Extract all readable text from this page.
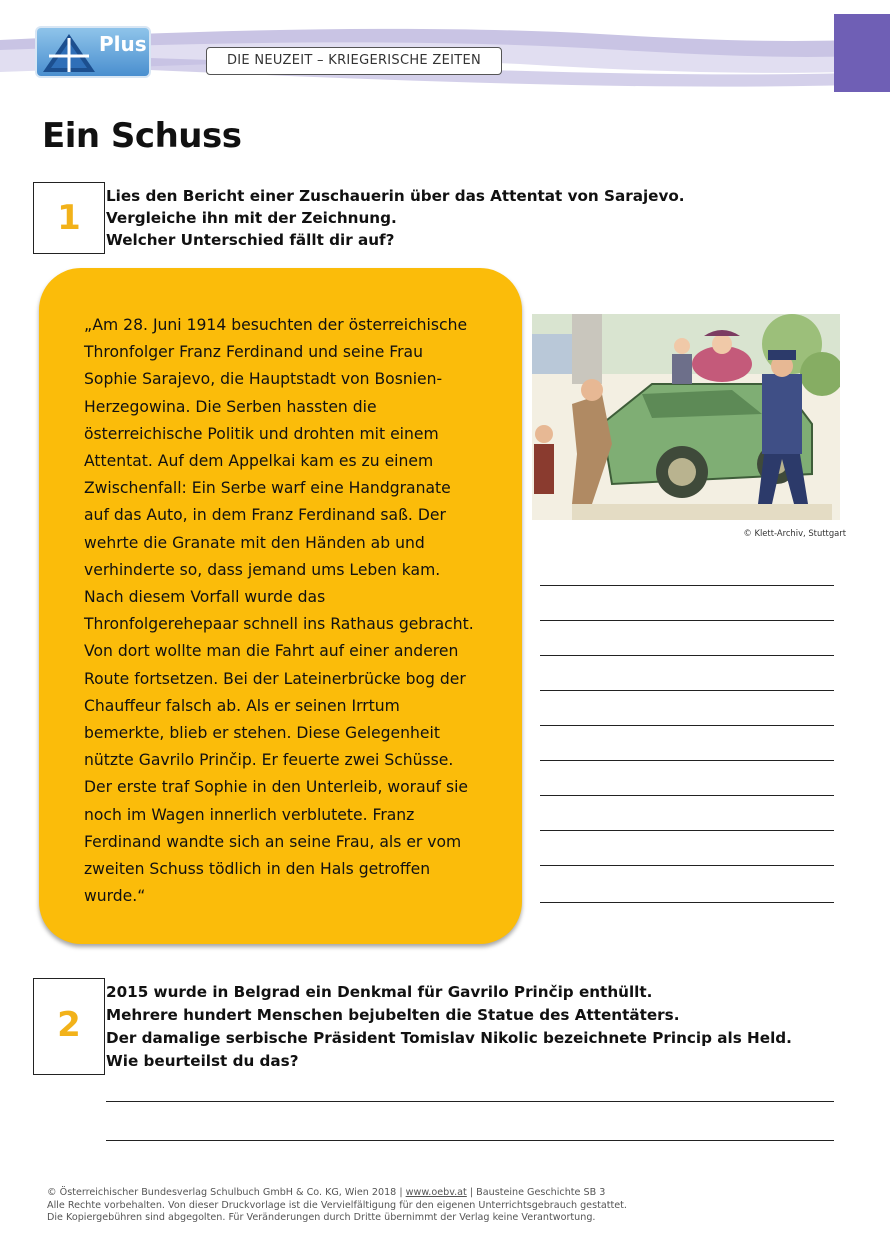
Plus
DIE NEUZEIT – KRIEGERISCHE ZEITEN
Ein Schuss
1
Lies den Bericht einer Zuschauerin über das Attentat von Sarajevo.
Vergleiche ihn mit der Zeichnung.
Welcher Unterschied fällt dir auf?
„Am 28. Juni 1914 besuchten der österreichische
Thronfolger Franz Ferdinand und seine Frau
Sophie Sarajevo, die Hauptstadt von Bosnien-
Herzegowina. Die Serben hassten die
österreichische Politik und drohten mit einem
Attentat. Auf dem Appelkai kam es zu einem
Zwischenfall: Ein Serbe warf eine Handgranate
auf das Auto, in dem Franz Ferdinand saß. Der
wehrte die Granate mit den Händen ab und
verhinderte so, dass jemand ums Leben kam.
Nach diesem Vorfall wurde das
Thronfolgerehepaar schnell ins Rathaus gebracht.
Von dort wollte man die Fahrt auf einer anderen
Route fortsetzen. Bei der Lateinerbrücke bog der
Chauffeur falsch ab. Als er seinen Irrtum
bemerkte, blieb er stehen. Diese Gelegenheit
nützte Gavrilo Prinčip. Er feuerte zwei Schüsse.
Der erste traf Sophie in den Unterleib, worauf sie
noch im Wagen innerlich verblutete. Franz
Ferdinand wandte sich an seine Frau, als er vom
zweiten Schuss tödlich in den Hals getroffen
wurde.“
© Klett-Archiv, Stuttgart
2
2015 wurde in Belgrad ein Denkmal für Gavrilo Prinčip enthüllt.
Mehrere hundert Menschen bejubelten die Statue des Attentäters.
Der damalige serbische Präsident Tomislav Nikolic bezeichnete Princip als Held.
Wie beurteilst du das?
© Österreichischer Bundesverlag Schulbuch GmbH & Co. KG, Wien 2018 | www.oebv.at | Bausteine Geschichte SB 3
Alle Rechte vorbehalten. Von dieser Druckvorlage ist die Vervielfältigung für den eigenen Unterrichtsgebrauch gestattet.
Die Kopiergebühren sind abgegolten. Für Veränderungen durch Dritte übernimmt der Verlag keine Verantwortung.
